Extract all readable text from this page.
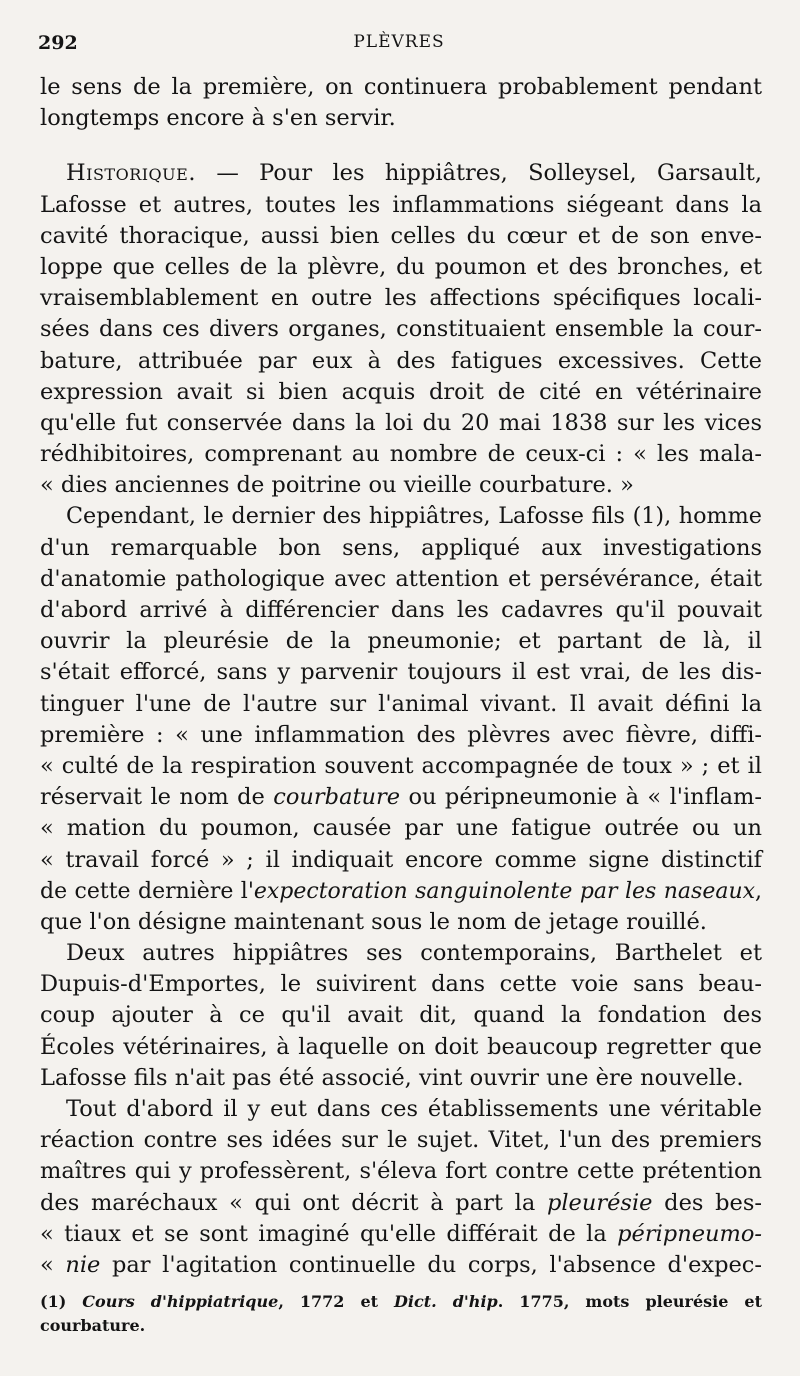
292	PLÈVRES
le sens de la première, on continuera probablement pendant
longtemps encore à s'en servir.
Historique. — Pour les hippiâtres, Solleysel, Garsault,
Lafosse et autres, toutes les inflammations siégeant dans la
cavité thoracique, aussi bien celles du cœur et de son enve-
loppe que celles de la plèvre, du poumon et des bronches, et
vraisemblablement en outre les affections spécifiques locali-
sées dans ces divers organes, constituaient ensemble la cour-
bature, attribuée par eux à des fatigues excessives. Cette
expression avait si bien acquis droit de cité en vétérinaire
qu'elle fut conservée dans la loi du 20 mai 1838 sur les vices
rédhibitoires, comprenant au nombre de ceux-ci : « les mala-
« dies anciennes de poitrine ou vieille courbature. »
Cependant, le dernier des hippiâtres, Lafosse fils (1), homme
d'un remarquable bon sens, appliqué aux investigations
d'anatomie pathologique avec attention et persévérance, était
d'abord arrivé à différencier dans les cadavres qu'il pouvait
ouvrir la pleurésie de la pneumonie; et partant de là, il
s'était efforcé, sans y parvenir toujours il est vrai, de les dis-
tinguer l'une de l'autre sur l'animal vivant. Il avait défini la
première : « une inflammation des plèvres avec fièvre, diffi-
« culté de la respiration souvent accompagnée de toux » ; et il
réservait le nom de courbature ou péripneumonie à « l'inflam-
« mation du poumon, causée par une fatigue outrée ou un
« travail forcé » ; il indiquait encore comme signe distinctif
de cette dernière l'expectoration sanguinolente par les naseaux,
que l'on désigne maintenant sous le nom de jetage rouillé.
Deux autres hippiâtres ses contemporains, Barthelet et
Dupuis-d'Emportes, le suivirent dans cette voie sans beau-
coup ajouter à ce qu'il avait dit, quand la fondation des
Écoles vétérinaires, à laquelle on doit beaucoup regretter que
Lafosse fils n'ait pas été associé, vint ouvrir une ère nouvelle.
Tout d'abord il y eut dans ces établissements une véritable
réaction contre ses idées sur le sujet. Vitet, l'un des premiers
maîtres qui y professèrent, s'éleva fort contre cette prétention
des maréchaux « qui ont décrit à part la pleurésie des bes-
« tiaux et se sont imaginé qu'elle différait de la péripneumo-
« nie par l'agitation continuelle du corps, l'absence d'expec-
(1) Cours d'hippiatrique, 1772 et Dict. d'hip. 1775, mots pleurésie et
courbature.
